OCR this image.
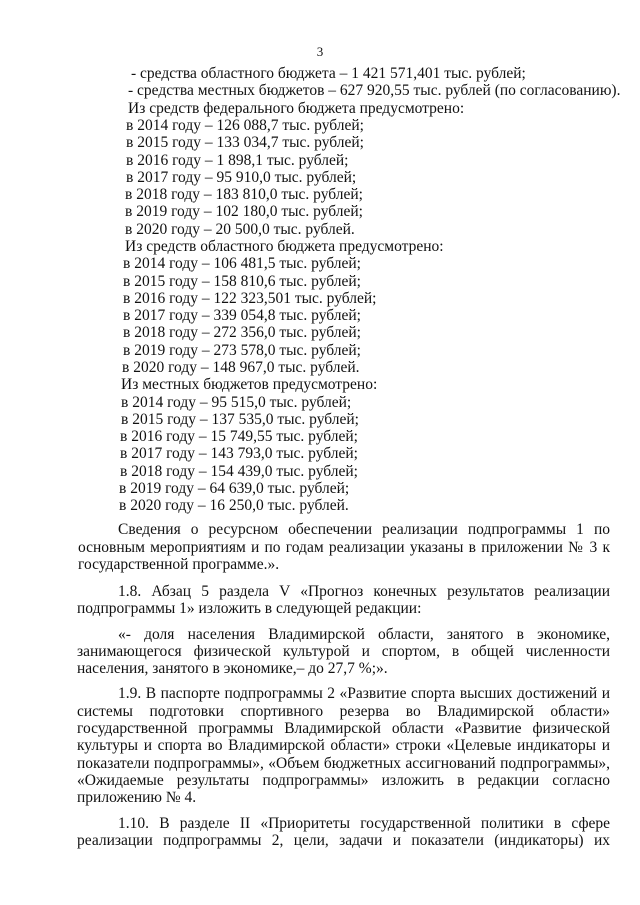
3

- средства областного бюджета – 1 421 571,401 тыс. рублей;

- средства местных бюджетов – 627 920,55 тыс. рублей (по согласованию).

Из средств федерального бюджета предусмотрено:

в 2014 году – 126 088,7 тыс. рублей;

в 2015 году – 133 034,7 тыс. рублей;

в 2016 году – 1 898,1 тыс. рублей;

в 2017 году – 95 910,0 тыс. рублей;

в 2018 году – 183 810,0 тыс. рублей;

в 2019 году – 102 180,0 тыс. рублей;

в 2020 году – 20 500,0 тыс. рублей.

Из средств областного бюджета предусмотрено:

в 2014 году – 106 481,5 тыс. рублей;

в 2015 году – 158 810,6 тыс. рублей;

в 2016 году – 122 323,501 тыс. рублей;

в 2017 году – 339 054,8 тыс. рублей;

в 2018 году – 272 356,0 тыс. рублей;

в 2019 году – 273 578,0 тыс. рублей;

в 2020 году – 148 967,0 тыс. рублей.

Из местных бюджетов предусмотрено:

в 2014 году – 95 515,0 тыс. рублей;

в 2015 году – 137 535,0 тыс. рублей;

в 2016 году – 15 749,55 тыс. рублей;

в 2017 году – 143 793,0 тыс. рублей;

в 2018 году – 154 439,0 тыс. рублей;

в 2019 году – 64 639,0 тыс. рублей;

в 2020 году – 16 250,0 тыс. рублей.

Сведения о ресурсном обеспечении реализации подпрограммы 1 по

основным мероприятиям и по годам реализации указаны в приложении № 3 к

государственной программе.».

1.8. Абзац 5 раздела V «Прогноз конечных результатов реализации

подпрограммы 1» изложить в следующей редакции:

«- доля населения Владимирской области, занятого в экономике,

занимающегося физической культурой и спортом, в общей численности

населения, занятого в экономике,– до 27,7 %;».

1.9. В паспорте подпрограммы 2 «Развитие спорта высших достижений и

системы подготовки спортивного резерва во Владимирской области»

государственной программы Владимирской области «Развитие физической

культуры и спорта во Владимирской области» строки «Целевые индикаторы и

показатели подпрограммы», «Объем бюджетных ассигнований подпрограммы»,

«Ожидаемые результаты подпрограммы» изложить в редакции согласно

приложению № 4.

1.10. В разделе II «Приоритеты государственной политики в сфере

реализации подпрограммы 2, цели, задачи и показатели (индикаторы) их
